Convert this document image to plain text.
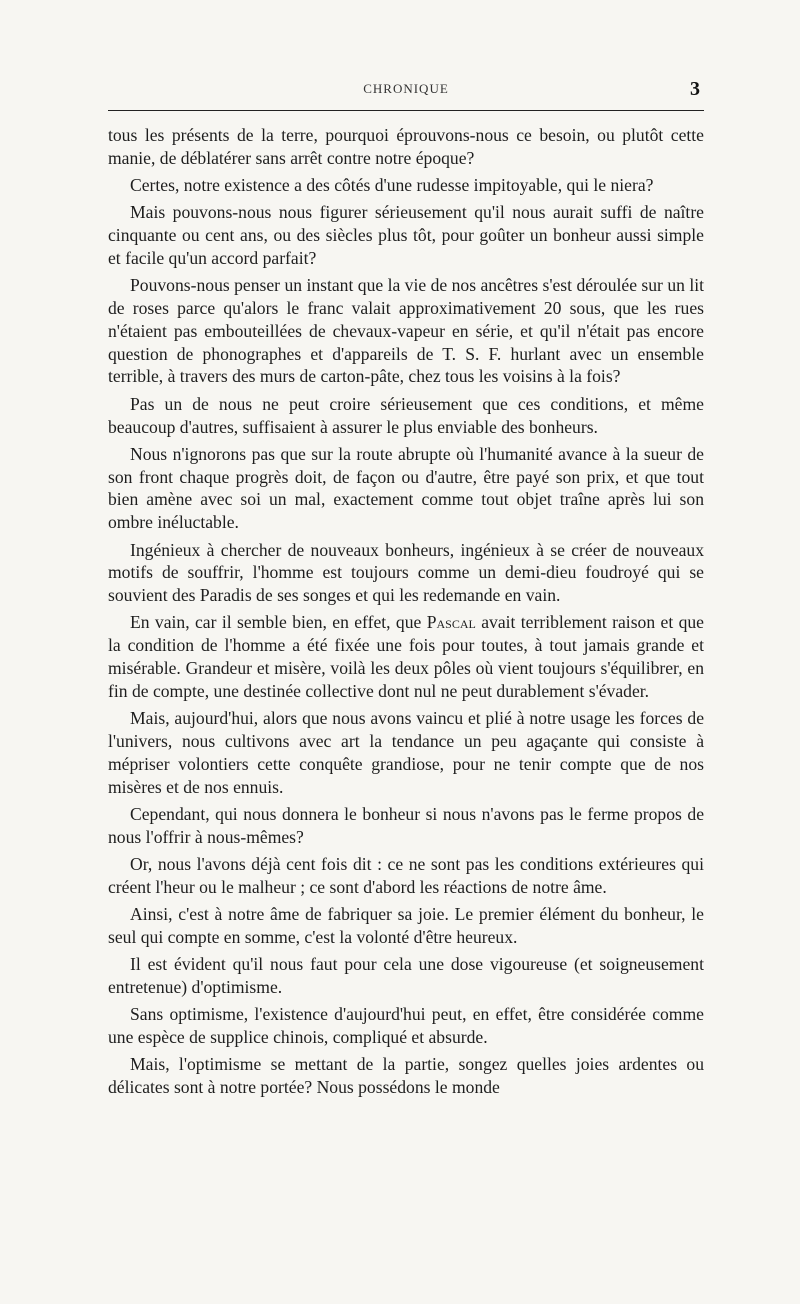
CHRONIQUE	3

tous les présents de la terre, pourquoi éprouvons-nous ce besoin, ou plutôt cette manie, de déblatérer sans arrêt contre notre époque?

Certes, notre existence a des côtés d'une rudesse impitoyable, qui le niera?

Mais pouvons-nous nous figurer sérieusement qu'il nous aurait suffi de naître cinquante ou cent ans, ou des siècles plus tôt, pour goûter un bonheur aussi simple et facile qu'un accord parfait?

Pouvons-nous penser un instant que la vie de nos ancêtres s'est déroulée sur un lit de roses parce qu'alors le franc valait approximativement 20 sous, que les rues n'étaient pas embouteillées de chevaux-vapeur en série, et qu'il n'était pas encore question de phonographes et d'appareils de T. S. F. hurlant avec un ensemble terrible, à travers des murs de carton-pâte, chez tous les voisins à la fois?

Pas un de nous ne peut croire sérieusement que ces conditions, et même beaucoup d'autres, suffisaient à assurer le plus enviable des bonheurs.

Nous n'ignorons pas que sur la route abrupte où l'humanité avance à la sueur de son front chaque progrès doit, de façon ou d'autre, être payé son prix, et que tout bien amène avec soi un mal, exactement comme tout objet traîne après lui son ombre inéluctable.

Ingénieux à chercher de nouveaux bonheurs, ingénieux à se créer de nouveaux motifs de souffrir, l'homme est toujours comme un demi-dieu foudroyé qui se souvient des Paradis de ses songes et qui les redemande en vain.

En vain, car il semble bien, en effet, que Pascal avait terriblement raison et que la condition de l'homme a été fixée une fois pour toutes, à tout jamais grande et misérable. Grandeur et misère, voilà les deux pôles où vient toujours s'équilibrer, en fin de compte, une destinée collective dont nul ne peut durablement s'évader.

Mais, aujourd'hui, alors que nous avons vaincu et plié à notre usage les forces de l'univers, nous cultivons avec art la tendance un peu agaçante qui consiste à mépriser volontiers cette conquête grandiose, pour ne tenir compte que de nos misères et de nos ennuis.

Cependant, qui nous donnera le bonheur si nous n'avons pas le ferme propos de nous l'offrir à nous-mêmes?

Or, nous l'avons déjà cent fois dit : ce ne sont pas les conditions extérieures qui créent l'heur ou le malheur ; ce sont d'abord les réactions de notre âme.

Ainsi, c'est à notre âme de fabriquer sa joie. Le premier élément du bonheur, le seul qui compte en somme, c'est la volonté d'être heureux.

Il est évident qu'il nous faut pour cela une dose vigoureuse (et soigneusement entretenue) d'optimisme.

Sans optimisme, l'existence d'aujourd'hui peut, en effet, être considérée comme une espèce de supplice chinois, compliqué et absurde.

Mais, l'optimisme se mettant de la partie, songez quelles joies ardentes ou délicates sont à notre portée? Nous possédons le monde
